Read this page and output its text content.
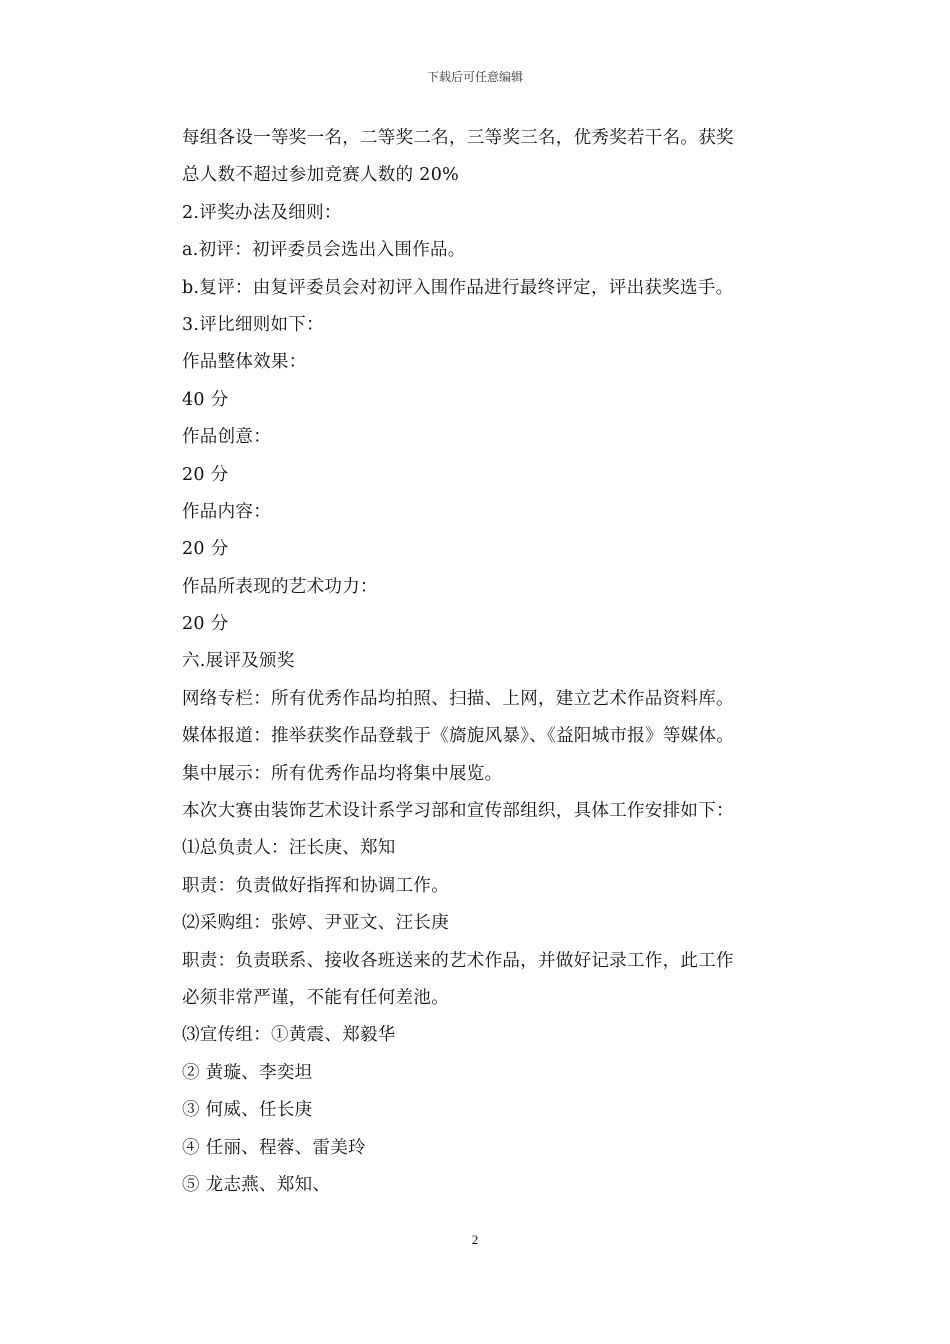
下载后可任意编辑
每组各设一等奖一名，二等奖二名，三等奖三名，优秀奖若干名。获奖
总人数不超过参加竞赛人数的 20%
2.评奖办法及细则：
a.初评：初评委员会选出入围作品。
b.复评：由复评委员会对初评入围作品进行最终评定，评出获奖选手。
3.评比细则如下：
作品整体效果：
40 分
作品创意：
20 分
作品内容：
20 分
作品所表现的艺术功力：
20 分
六.展评及颁奖
网络专栏：所有优秀作品均拍照、扫描、上网，建立艺术作品资料库。
媒体报道：推举获奖作品登载于《旖旎风暴》、《益阳城市报》等媒体。
集中展示：所有优秀作品均将集中展览。
本次大赛由装饰艺术设计系学习部和宣传部组织，具体工作安排如下：
⑴总负责人：汪长庚、郑知
职责：负责做好指挥和协调工作。
⑵采购组：张婷、尹亚文、汪长庚
职责：负责联系、接收各班送来的艺术作品，并做好记录工作，此工作
必须非常严谨，不能有任何差池。
⑶宣传组：①黄震、郑毅华
② 黄璇、李奕坦
③ 何威、任长庚
④ 任丽、程蓉、雷美玲
⑤ 龙志燕、郑知、
2
